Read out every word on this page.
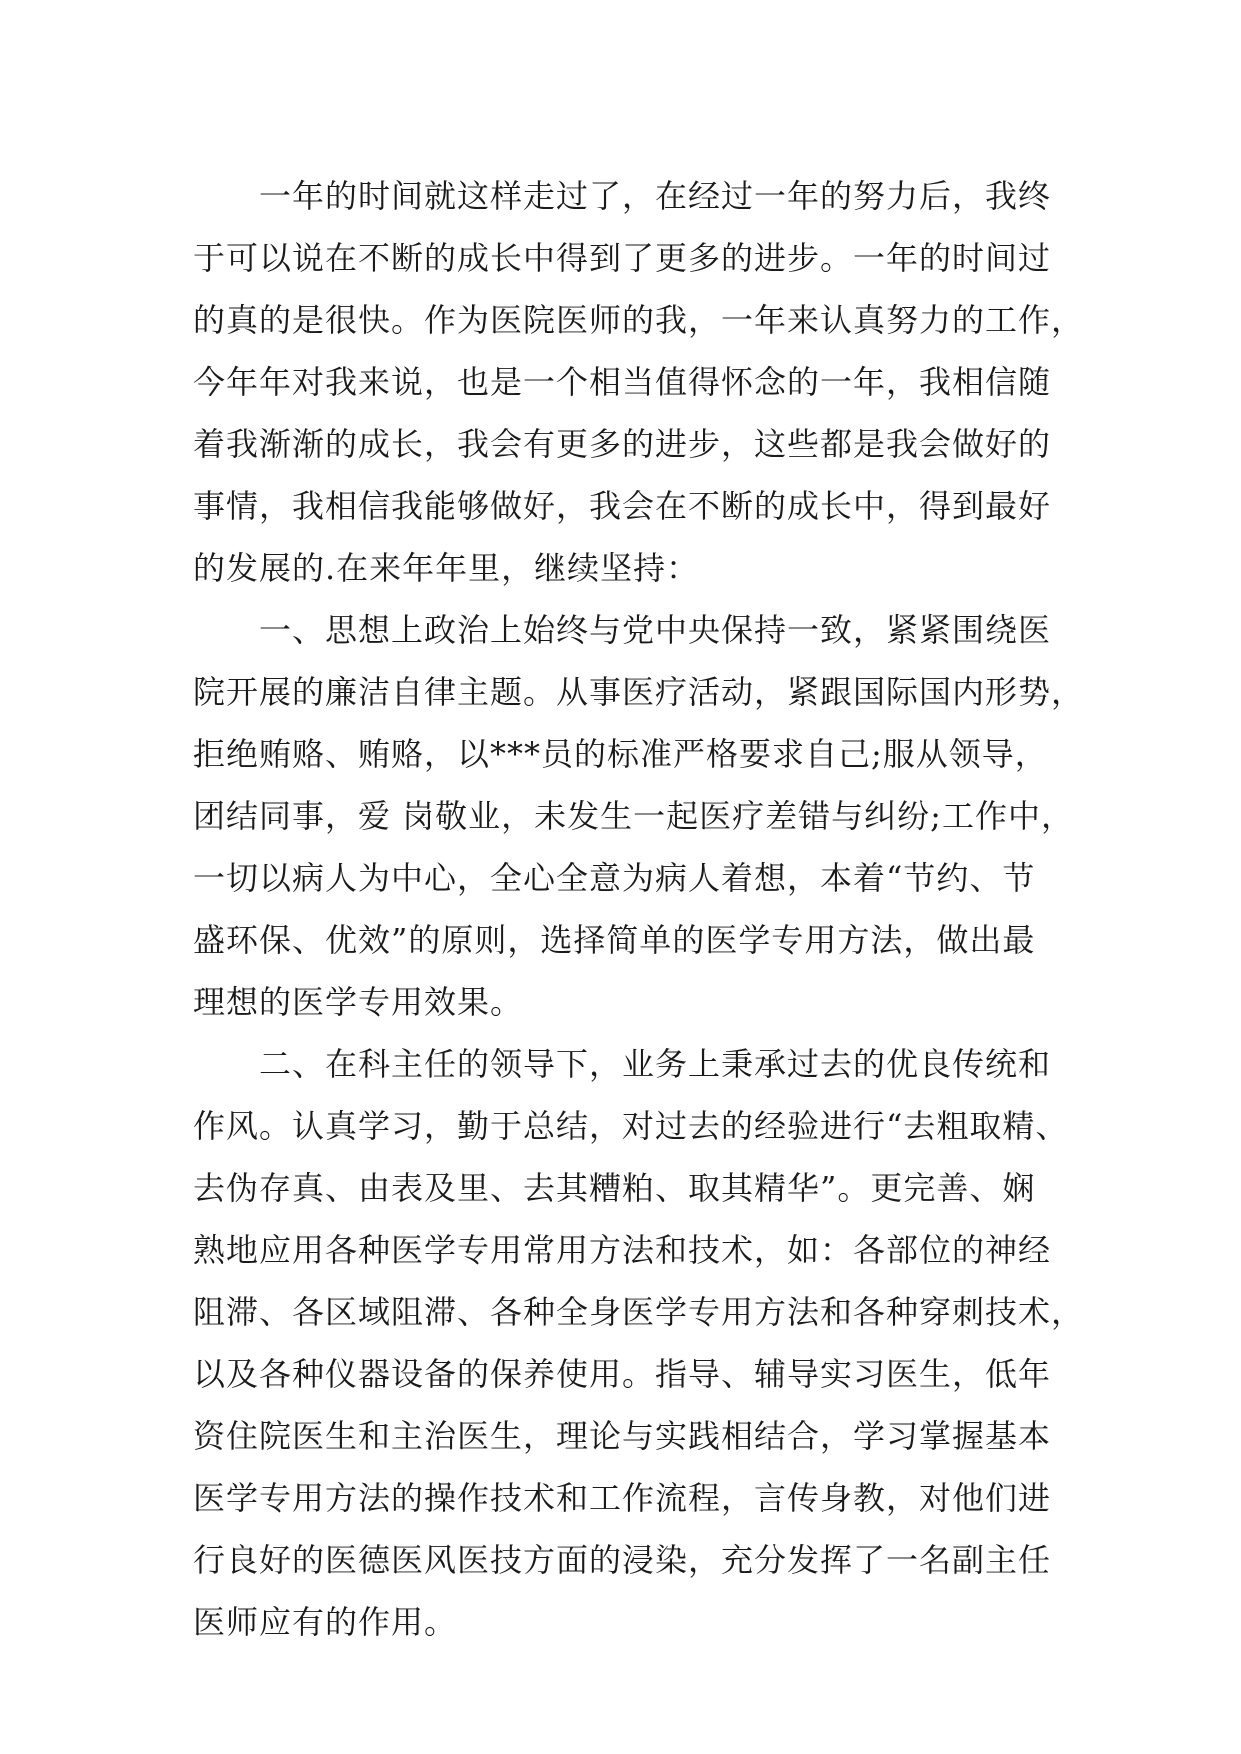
　　一年的时间就这样走过了，在经过一年的努力后，我终
于可以说在不断的成长中得到了更多的进步。一年的时间过
的真的是很快。作为医院医师的我，一年来认真努力的工作，
今年年对我来说，也是一个相当值得怀念的一年，我相信随
着我渐渐的成长，我会有更多的进步，这些都是我会做好的
事情，我相信我能够做好，我会在不断的成长中，得到最好
的发展的.在来年年里，继续坚持：
　　一、思想上政治上始终与党中央保持一致，紧紧围绕医
院开展的廉洁自律主题。从事医疗活动，紧跟国际国内形势，
拒绝贿赂、贿赂，以***员的标准严格要求自己;服从领导，
团结同事，爱 岗敬业，未发生一起医疗差错与纠纷;工作中，
一切以病人为中心，全心全意为病人着想，本着“节约、节
盛环保、优效”的原则，选择简单的医学专用方法，做出最
理想的医学专用效果。
　　二、在科主任的领导下，业务上秉承过去的优良传统和
作风。认真学习，勤于总结，对过去的经验进行“去粗取精、
去伪存真、由表及里、去其糟粕、取其精华”。更完善、娴
熟地应用各种医学专用常用方法和技术，如：各部位的神经
阻滞、各区域阻滞、各种全身医学专用方法和各种穿刺技术，
以及各种仪器设备的保养使用。指导、辅导实习医生，低年
资住院医生和主治医生，理论与实践相结合，学习掌握基本
医学专用方法的操作技术和工作流程，言传身教，对他们进
行良好的医德医风医技方面的浸染，充分发挥了一名副主任
医师应有的作用。
